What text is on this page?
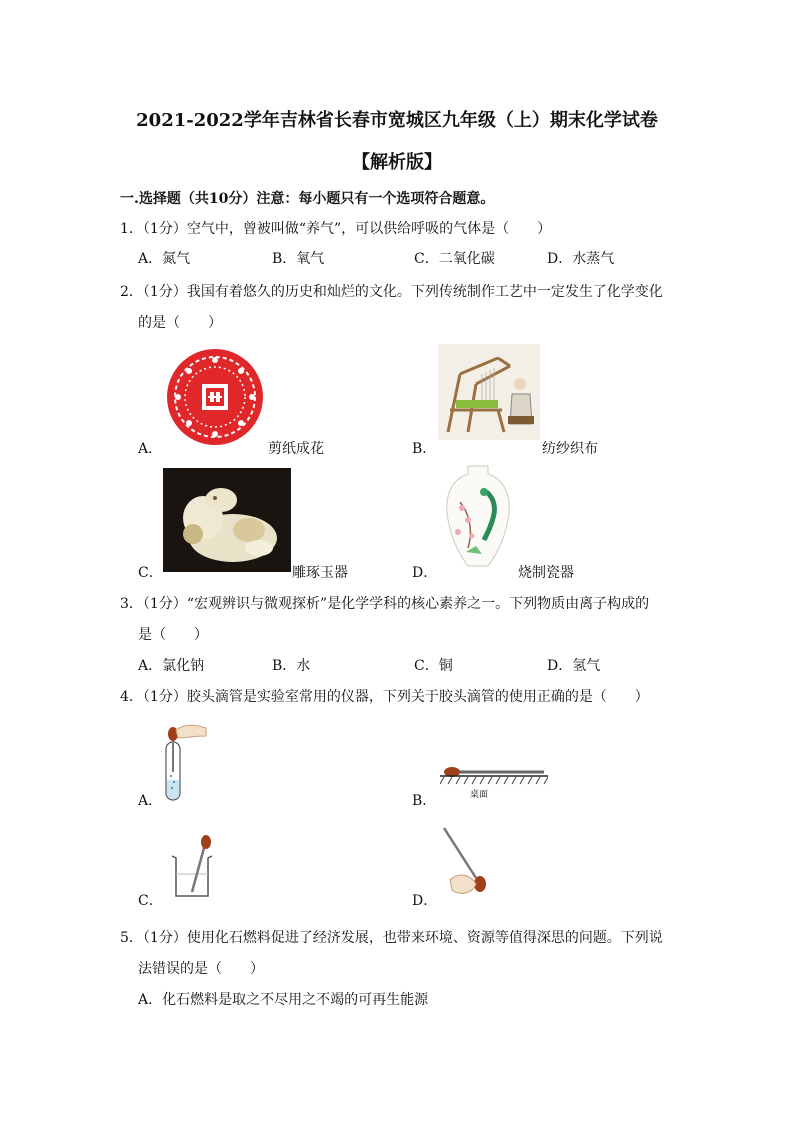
2021-2022学年吉林省长春市宽城区九年级（上）期末化学试卷
【解析版】
一.选择题（共10分）注意：每小题只有一个选项符合题意。
1．（1分）空气中，曾被叫做“养气”，可以供给呼吸的气体是（　　）
A．氮气	B．氧气	C．二氧化碳	D．水蒸气
2．（1分）我国有着悠久的历史和灿烂的文化。下列传统制作工艺中一定发生了化学变化
的是（　　）
A．	剪纸成花	B．	纺纱织布
C．	雕琢玉器	D．	烧制瓷器
3．（1分）“宏观辨识与微观探析”是化学学科的核心素养之一。下列物质由离子构成的
是（　　）
A．氯化钠	B．水	C．铜	D．氢气
4．（1分）胶头滴管是实验室常用的仪器，下列关于胶头滴管的使用正确的是（　　）
A．	桌面
B．
C．	D．
5．（1分）使用化石燃料促进了经济发展，也带来环境、资源等值得深思的问题。下列说
法错误的是（　　）
A．化石燃料是取之不尽用之不竭的可再生能源
